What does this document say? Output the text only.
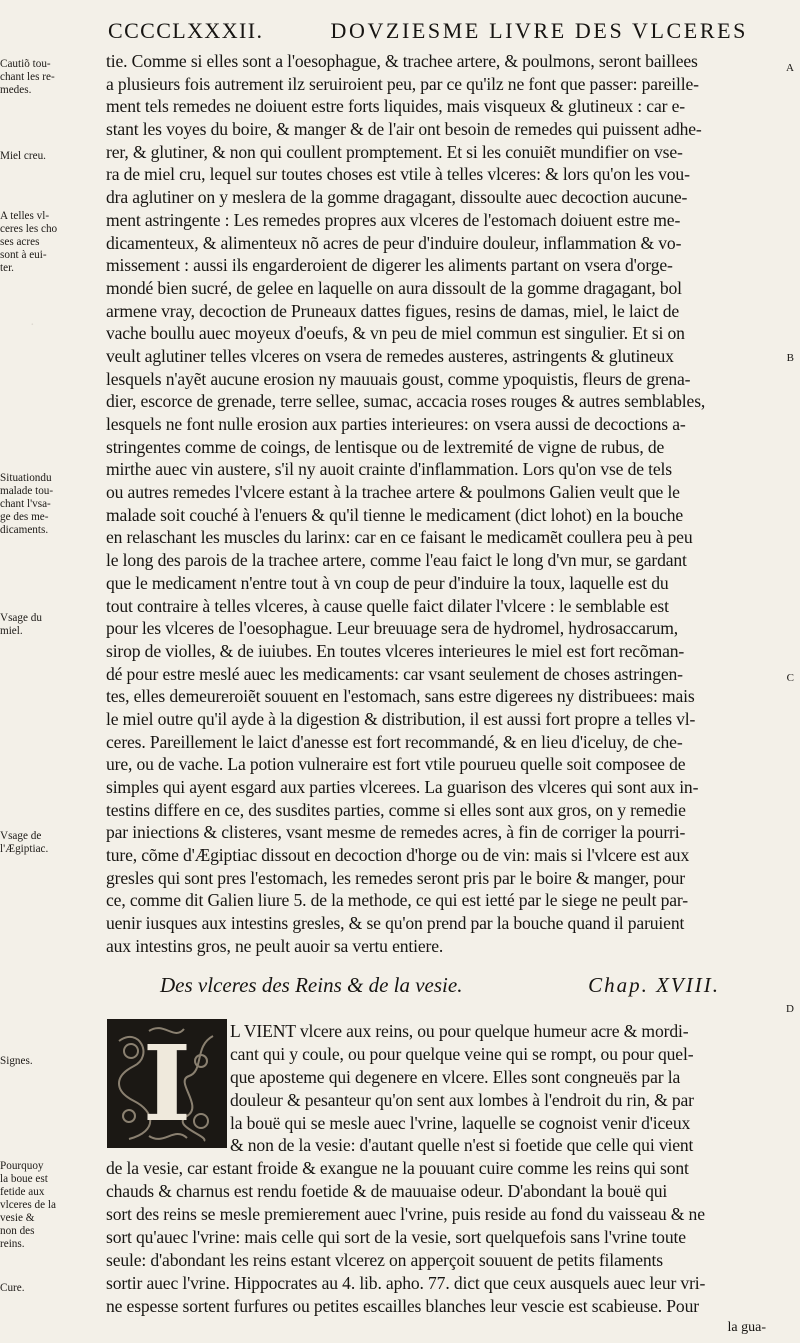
CCCCLXXXII.	DOVZIESME LIVRE DES VLCERES
·
Cautiõ tou-
chant les re-
medes.
Miel creu.
A telles vl-
ceres les cho
ses acres
sont à eui-
ter.
Situationdu
malade tou-
chant l'vsa-
ge des me-
dicaments.
Vsage du
miel.
Vsage de
l'Ægiptiac.
Signes.
Pourquoy
la boue est
fetide aux
vlceres de la
vesie &
non des
reins.
Cure.
A
B
C
D
tie. Comme si elles sont a l'oesophague, & trachee artere, & poulmons, seront baillees
a plusieurs fois autrement ilz seruiroient peu, par ce qu'ilz ne font que passer: pareille-
ment tels remedes ne doiuent estre forts liquides, mais visqueux & glutineux : car e-
stant les voyes du boire, & manger & de l'air ont besoin de remedes qui puissent adhe-
rer, & glutiner, & non qui coullent promptement. Et si les conuiẽt mundifier on vse-
ra de miel cru, lequel sur toutes choses est vtile à telles vlceres: & lors qu'on les vou-
dra aglutiner on y meslera de la gomme dragagant, dissoulte auec decoction aucune-
ment astringente : Les remedes propres aux vlceres de l'estomach doiuent estre me-
dicamenteux, & alimenteux nõ acres de peur d'induire douleur, inflammation & vo-
missement : aussi ils engarderoient de digerer les aliments partant on vsera d'orge-
mondé bien sucré, de gelee en laquelle on aura dissoult de la gomme dragagant, bol
armene vray, decoction de Pruneaux dattes figues, resins de damas, miel, le laict de
vache boullu auec moyeux d'oeufs, & vn peu de miel commun est singulier. Et si on
veult aglutiner telles vlceres on vsera de remedes austeres, astringents & glutineux
lesquels n'ayẽt aucune erosion ny mauuais goust, comme ypoquistis, fleurs de grena-
dier, escorce de grenade, terre sellee, sumac, accacia roses rouges & autres semblables,
lesquels ne font nulle erosion aux parties interieures: on vsera aussi de decoctions a-
stringentes comme de coings, de lentisque ou de lextremité de vigne de rubus, de
mirthe auec vin austere, s'il ny auoit crainte d'inflammation. Lors qu'on vse de tels
ou autres remedes l'vlcere estant à la trachee artere & poulmons Galien veult que le
malade soit couché à l'enuers & qu'il tienne le medicament (dict lohot) en la bouche
en relaschant les muscles du larinx: car en ce faisant le medicamẽt coullera peu à peu
le long des parois de la trachee artere, comme l'eau faict le long d'vn mur, se gardant
que le medicament n'entre tout à vn coup de peur d'induire la toux, laquelle est du
tout contraire à telles vlceres, à cause quelle faict dilater l'vlcere : le semblable est
pour les vlceres de l'oesophague. Leur breuuage sera de hydromel, hydrosaccarum,
sirop de violles, & de iuiubes. En toutes vlceres interieures le miel est fort recõman-
dé pour estre meslé auec les medicaments: car vsant seulement de choses astringen-
tes, elles demeureroiẽt souuent en l'estomach, sans estre digerees ny distribuees: mais
le miel outre qu'il ayde à la digestion & distribution, il est aussi fort propre a telles vl-
ceres. Pareillement le laict d'anesse est fort recommandé, & en lieu d'iceluy, de che-
ure, ou de vache. La potion vulneraire est fort vtile pourueu quelle soit composee de
simples qui ayent esgard aux parties vlcerees. La guarison des vlceres qui sont aux in-
testins differe en ce, des susdites parties, comme si elles sont aux gros, on y remedie
par iniections & clisteres, vsant mesme de remedes acres, à fin de corriger la pourri-
ture, cõme d'Ægiptiac dissout en decoction d'horge ou de vin: mais si l'vlcere est aux
gresles qui sont pres l'estomach, les remedes seront pris par le boire & manger, pour
ce, comme dit Galien liure 5. de la methode, ce qui est ietté par le siege ne peult par-
uenir iusques aux intestins gresles, & se qu'on prend par la bouche quand il paruient
aux intestins gros, ne peult auoir sa vertu entiere.
Des vlceres des Reins & de la vesie.	Chap. XVIII.
I	L VIENT vlcere aux reins, ou pour quelque humeur acre & mordi-
cant qui y coule, ou pour quelque veine qui se rompt, ou pour quel-
que aposteme qui degenere en vlcere. Elles sont congneuës par la
douleur & pesanteur qu'on sent aux lombes à l'endroit du rin, & par
la bouë qui se mesle auec l'vrine, laquelle se cognoist venir d'iceux
& non de la vesie: d'autant quelle n'est si foetide que celle qui vient
de la vesie, car estant froide & exangue ne la pouuant cuire comme les reins qui sont
chauds & charnus est rendu foetide & de mauuaise odeur. D'abondant la bouë qui
sort des reins se mesle premierement auec l'vrine, puis reside au fond du vaisseau & ne
sort qu'auec l'vrine: mais celle qui sort de la vesie, sort quelquefois sans l'vrine toute
seule: d'abondant les reins estant vlcerez on apperçoit souuent de petits filaments
sortir auec l'vrine. Hippocrates au 4. lib. apho. 77. dict que ceux ausquels auec leur vri-
ne espesse sortent furfures ou petites escailles blanches leur vescie est scabieuse. Pour
la gua-
